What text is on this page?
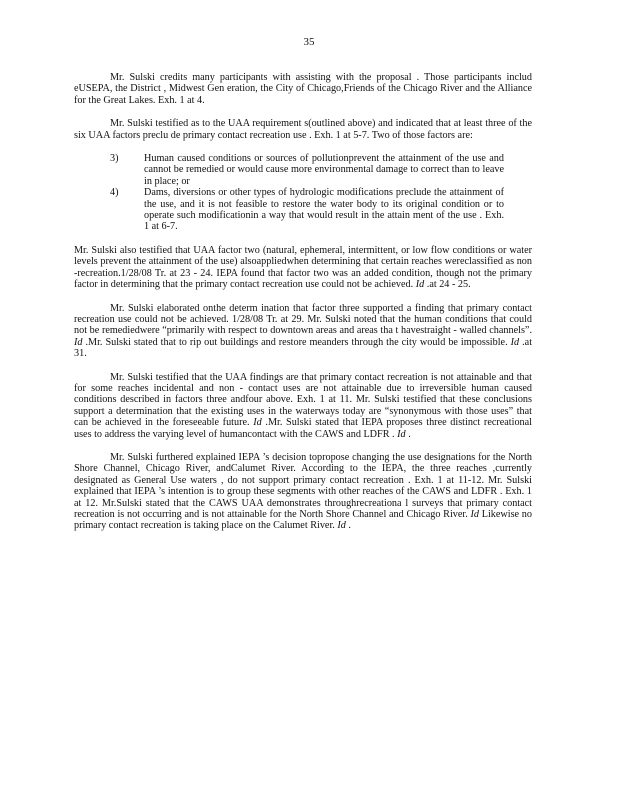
35

Mr. Sulski credits many participants with assisting with the proposal . Those participants includ eUSEPA, the District , Midwest Gen eration, the City of Chicago,Friends of the Chicago River and the Alliance for the Great Lakes. Exh. 1 at 4.

Mr. Sulski testified as to the UAA requirement s(outlined above) and indicated that at least three of the six UAA factors preclu de primary contact recreation use . Exh. 1 at 5-7. Two of those factors are:

3)	Human caused conditions or sources of pollutionprevent the attainment of the use and cannot be remedied or would cause more environmental damage to correct than to leave in place; or
4)	Dams, diversions or other types of hydrologic modifications preclude the attainment of the use, and it is not feasible to restore the water body to its original condition or to operate such modificationin a way that would result in the attain ment of the use . Exh. 1 at 6-7.

Mr. Sulski also testified that UAA factor two (natural, ephemeral, intermittent, or low flow conditions or water levels prevent the attainment of the use) alsoappliedwhen determining that certain reaches wereclassified as non -recreation.1/28/08 Tr. at 23 - 24. IEPA found that factor two was an added condition, though not the primary factor in determining that the primary contact recreation use could not be achieved. Id .at 24 - 25.

Mr. Sulski elaborated onthe determ ination that factor three supported a finding that primary contact recreation use could not be achieved. 1/28/08 Tr. at 29. Mr. Sulski noted that the human conditions that could not be remediedwere “primarily with respect to downtown areas and areas tha t havestraight - walled channels”. Id .Mr. Sulski stated that to rip out buildings and restore meanders through the city would be impossible. Id .at 31.

Mr. Sulski testified that the UAA findings are that primary contact recreation is not attainable and that for some reaches incidental and non - contact uses are not attainable due to irreversible human caused conditions described in factors three andfour above. Exh. 1 at 11. Mr. Sulski testified that these conclusions support a determination that the existing uses in the waterways today are “synonymous with those uses” that can be achieved in the foreseeable future. Id .Mr. Sulski stated that IEPA proposes three distinct recreational uses to address the varying level of humancontact with the CAWS and LDFR . Id .

Mr. Sulski furthered explained IEPA ’s decision topropose changing the use designations for the North Shore Channel, Chicago River, andCalumet River. According to the IEPA, the three reaches ,currently designated as General Use waters , do not support primary contact recreation . Exh. 1 at 11-12. Mr. Sulski explained that IEPA ’s intention is to group these segments with other reaches of the CAWS and LDFR . Exh. 1 at 12. Mr.Sulski stated that the CAWS UAA demonstrates throughrecreationa l surveys that primary contact recreation is not occurring and is not attainable for the North Shore Channel and Chicago River. Id Likewise no primary contact recreation is taking place on the Calumet River. Id .
